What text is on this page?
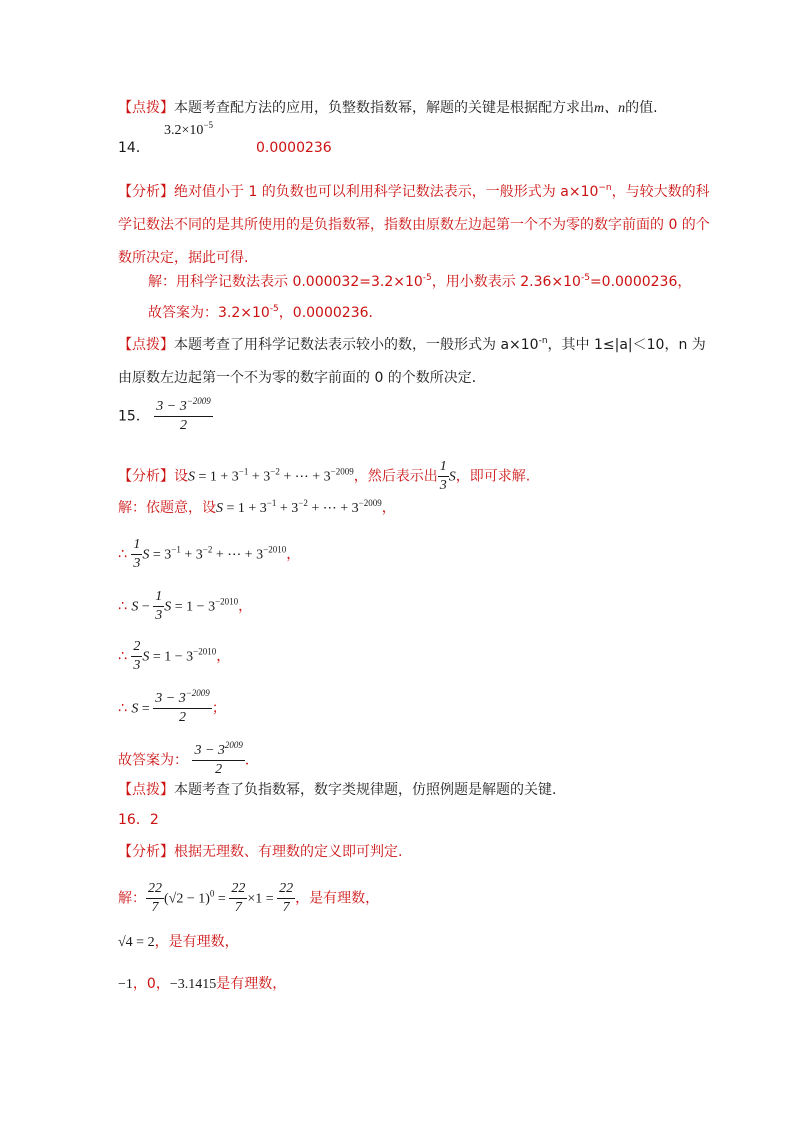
【点拨】本题考查配方法的应用，负整数指数幂，解题的关键是根据配方求出m、n的值.
14．
$3.2\times 10^{-5}$
0.0000236
【分析】绝对值小于 1 的负数也可以利用科学记数法表示，一般形式为 $a\times 10^{-n}$，与较大数的科学记数法不同的是其所使用的是负指数幂，指数由原数左边起第一个不为零的数字前面的 0 的个数所决定，据此可得.
解：用科学记数法表示 $0.000032=3.2\times 10^{-5}$，用小数表示 $2.36\times 10^{-5}=0.0000236$，
故答案为：$3.2\times 10^{-5}$，0.0000236．
【点拨】本题考查了用科学记数法表示较小的数，一般形式为 $a\times 10^{-n}$，其中 1≤|a|＜10，n 为由原数左边起第一个不为零的数字前面的 0 的个数所决定．
15． $\frac{3 - 3^{-2009}}{2}$
【分析】设$S = 1 + 3^{-1} + 3^{-2}$ + ⋯ + $3^{-2009}$，然后表示出 $\frac{1}{3}$ S，即可求解.
解：依题意，设$S = 1 + 3^{-1} + 3^{-2}$ + ⋯ + $3^{-2009}$，
∴ $\frac{1}{3}$ $S = 3^{-1} + 3^{-2}$ + ⋯ + $3^{-2010}$，
∴ $S - \frac{1}{3}$ $S = 1 - 3^{-2010}$，
∴ $\frac{2}{3}$ $S = 1 - 3^{-2010}$，
∴ $S = \frac{3 - 3^{-2009}}{2}$ ；
故答案为： $\frac{3 - 3^{2009}}{2}$ ．
【点拨】本题考查了负指数幂，数字类规律题，仿照例题是解题的关键.
16．2
【分析】根据无理数、有理数的定义即可判定.
解： $\frac{22}{7} (√2 - 1)^0 = \frac{22}{7} \times 1 = \frac{22}{7}$ ，是有理数，
√4 = 2，是有理数，
−1，0，−3.1415是有理数，
